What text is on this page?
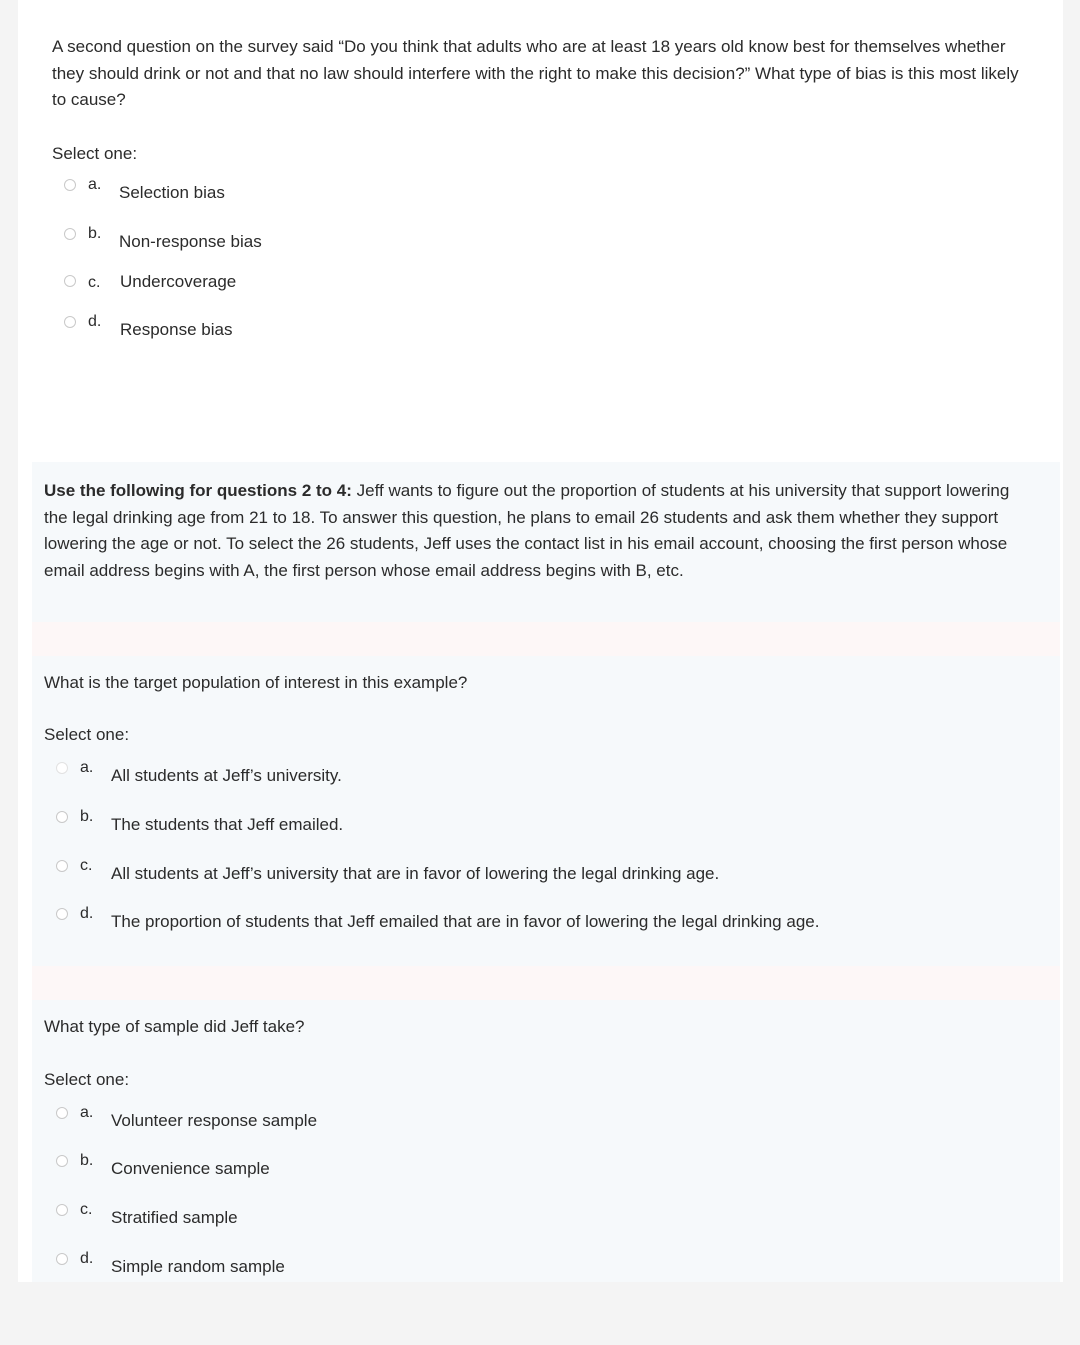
A second question on the survey said “Do you think that adults who are at least 18 years old know best for themselves whether they should drink or not and that no law should interfere with the right to make this decision?” What type of bias is this most likely to cause?

Select one:
a. Selection bias
b. Non-response bias
c. Undercoverage
d. Response bias
Use the following for questions 2 to 4: Jeff wants to figure out the proportion of students at his university that support lowering the legal drinking age from 21 to 18. To answer this question, he plans to email 26 students and ask them whether they support lowering the age or not. To select the 26 students, Jeff uses the contact list in his email account, choosing the first person whose email address begins with A, the first person whose email address begins with B, etc.
What is the target population of interest in this example?
Select one:
a. All students at Jeff’s university.
b. The students that Jeff emailed.
c. All students at Jeff’s university that are in favor of lowering the legal drinking age.
d. The proportion of students that Jeff emailed that are in favor of lowering the legal drinking age.
What type of sample did Jeff take?
Select one:
a. Volunteer response sample
b. Convenience sample
c. Stratified sample
d. Simple random sample
